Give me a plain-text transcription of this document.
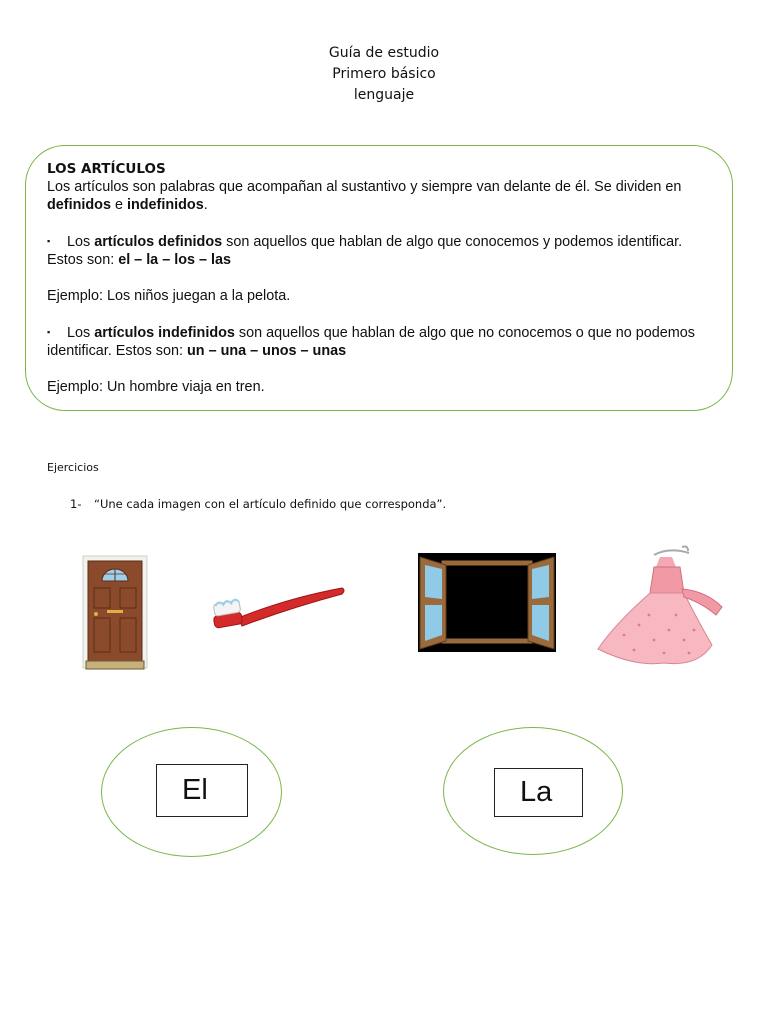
Guía de estudio
Primero básico
lenguaje
LOS ARTÍCULOS

Los artículos son palabras que acompañan al sustantivo y siempre van delante de él. Se dividen en definidos e indefinidos.

▪ Los artículos definidos son aquellos que hablan de algo que conocemos y podemos identificar. Estos son: el – la – los – las

Ejemplo: Los niños juegan a la pelota.

▪ Los artículos indefinidos son aquellos que hablan de algo que no conocemos o que no podemos identificar. Estos son: un – una – unos – unas

Ejemplo: Un hombre viaja en tren.

Ejercicios
1- “Une cada imagen con el artículo definido que corresponda”.
El	La
